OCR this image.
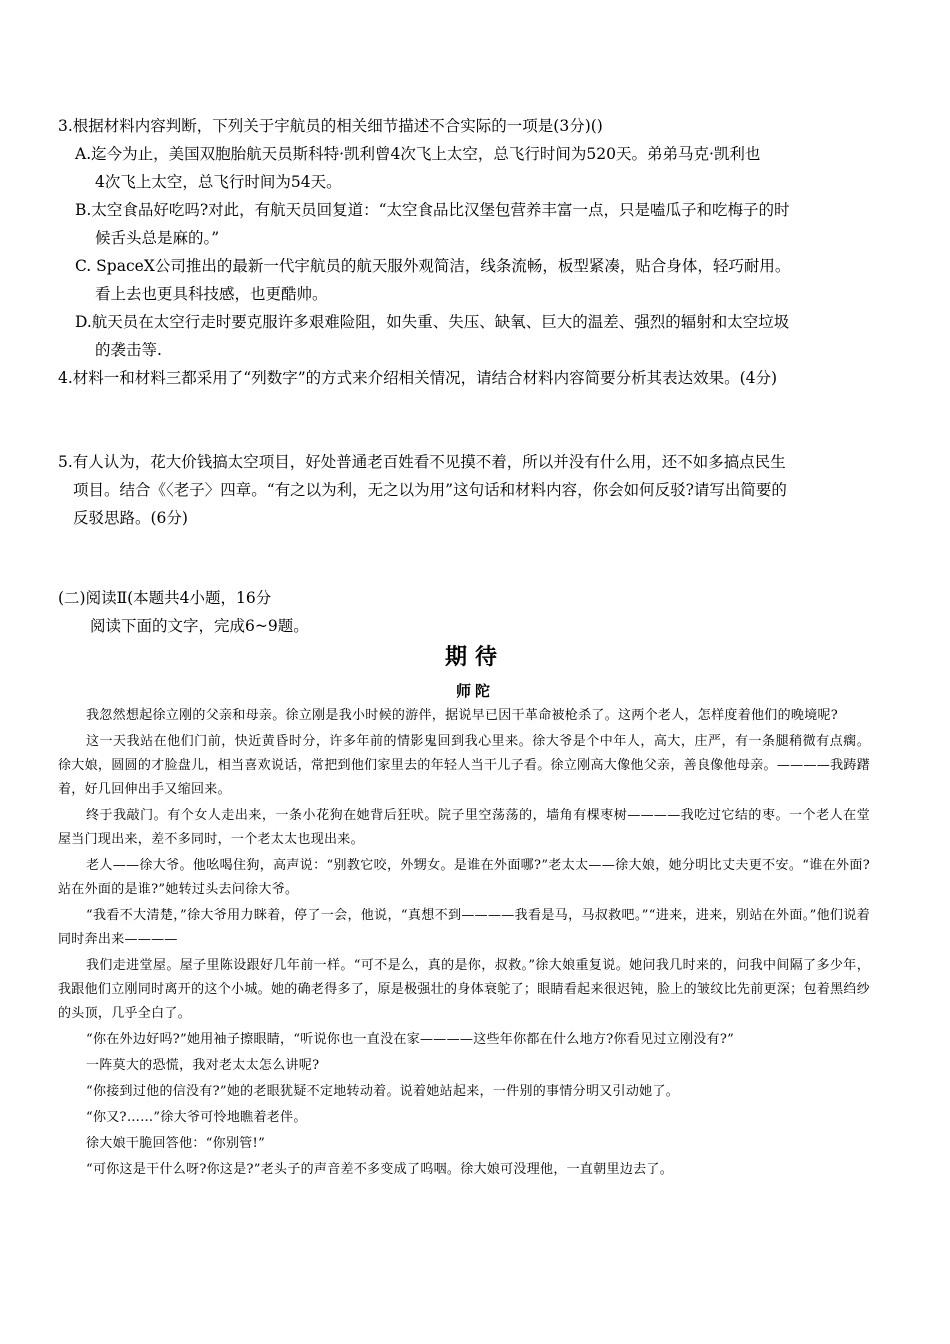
3.根据材料内容判断，下列关于宇航员的相关细节描述不合实际的一项是(3分)()
A.迄今为止，美国双胞胎航天员斯科特·凯利曾4次飞上太空，总飞行时间为520天。弟弟马克·凯利也
4次飞上太空，总飞行时间为54天。
B.太空食品好吃吗?对此，有航天员回复道：“太空食品比汉堡包营养丰富一点，只是嗑瓜子和吃梅子的时
候舌头总是麻的。”
C. SpaceX公司推出的最新一代宇航员的航天服外观简洁，线条流畅，板型紧凑，贴合身体，轻巧耐用。
看上去也更具科技感，也更酷帅。
D.航天员在太空行走时要克服许多艰难险阻，如失重、失压、缺氧、巨大的温差、强烈的辐射和太空垃圾
的袭击等.
4.材料一和材料三都采用了“列数字”的方式来介绍相关情况，请结合材料内容简要分析其表达效果。(4分)
5.有人认为，花大价钱搞太空项目，好处普通老百姓看不见摸不着，所以并没有什么用，还不如多搞点民生
项目。结合《〈老子〉四章。“有之以为利，无之以为用”这句话和材料内容，你会如何反驳?请写出简要的
反驳思路。(6分)
(二)阅读Ⅱ(本题共4小题，16分
阅读下面的文字，完成6~9题。
期待
师陀

我忽然想起徐立刚的父亲和母亲。徐立刚是我小时候的游伴，据说早已因干革命被枪杀了。这两个老人，怎样度着他们的晚境呢?

这一天我站在他们门前，快近黄昏时分，许多年前的情影鬼回到我心里来。徐大爷是个中年人，高大，庄严，有一条腿稍微有点瘸。徐大娘，圆圆的才脸盘儿，相当喜欢说话，常把到他们家里去的年轻人当干儿子看。徐立刚高大像他父亲，善良像他母亲。————我踌躇着，好几回伸出手又缩回来。

终于我敲门。有个女人走出来，一条小花狗在她背后狂吠。院子里空荡荡的，墙角有棵枣树————我吃过它结的枣。一个老人在堂屋当门现出来，差不多同时，一个老太太也现出来。

老人——徐大爷。他吆喝住狗，高声说：“别教它咬，外甥女。是谁在外面哪?”老太太——徐大娘，她分明比丈夫更不安。“谁在外面?站在外面的是谁?”她转过头去问徐大爷。

“我看不大清楚，”徐大爷用力眯着，停了一会，他说，“真想不到————我看是马，马叔救吧。”“进来，进来，别站在外面。”他们说着同时奔出来————

我们走进堂屋。屋子里陈设跟好几年前一样。“可不是么，真的是你，叔救。”徐大娘重复说。她问我几时来的，问我中间隔了多少年，我跟他们立刚同时离开的这个小城。她的确老得多了，原是极强壮的身体衰鸵了；眼睛看起来很迟钝，脸上的皱纹比先前更深；包着黑绉纱的头顶，几乎全白了。

“你在外边好吗?”她用袖子擦眼睛，“听说你也一直没在家————这些年你都在什么地方?你看见过立刚没有?”

一阵莫大的恐慌，我对老太太怎么讲呢?

“你接到过他的信没有?”她的老眼犹疑不定地转动着。说着她站起来，一件别的事情分明又引动她了。

“你又?……”徐大爷可怜地瞧着老伴。

徐大娘干脆回答他：“你别管!”

“可你这是干什么呀?你这是?”老头子的声音差不多变成了呜咽。徐大娘可没理他，一直朝里边去了。
